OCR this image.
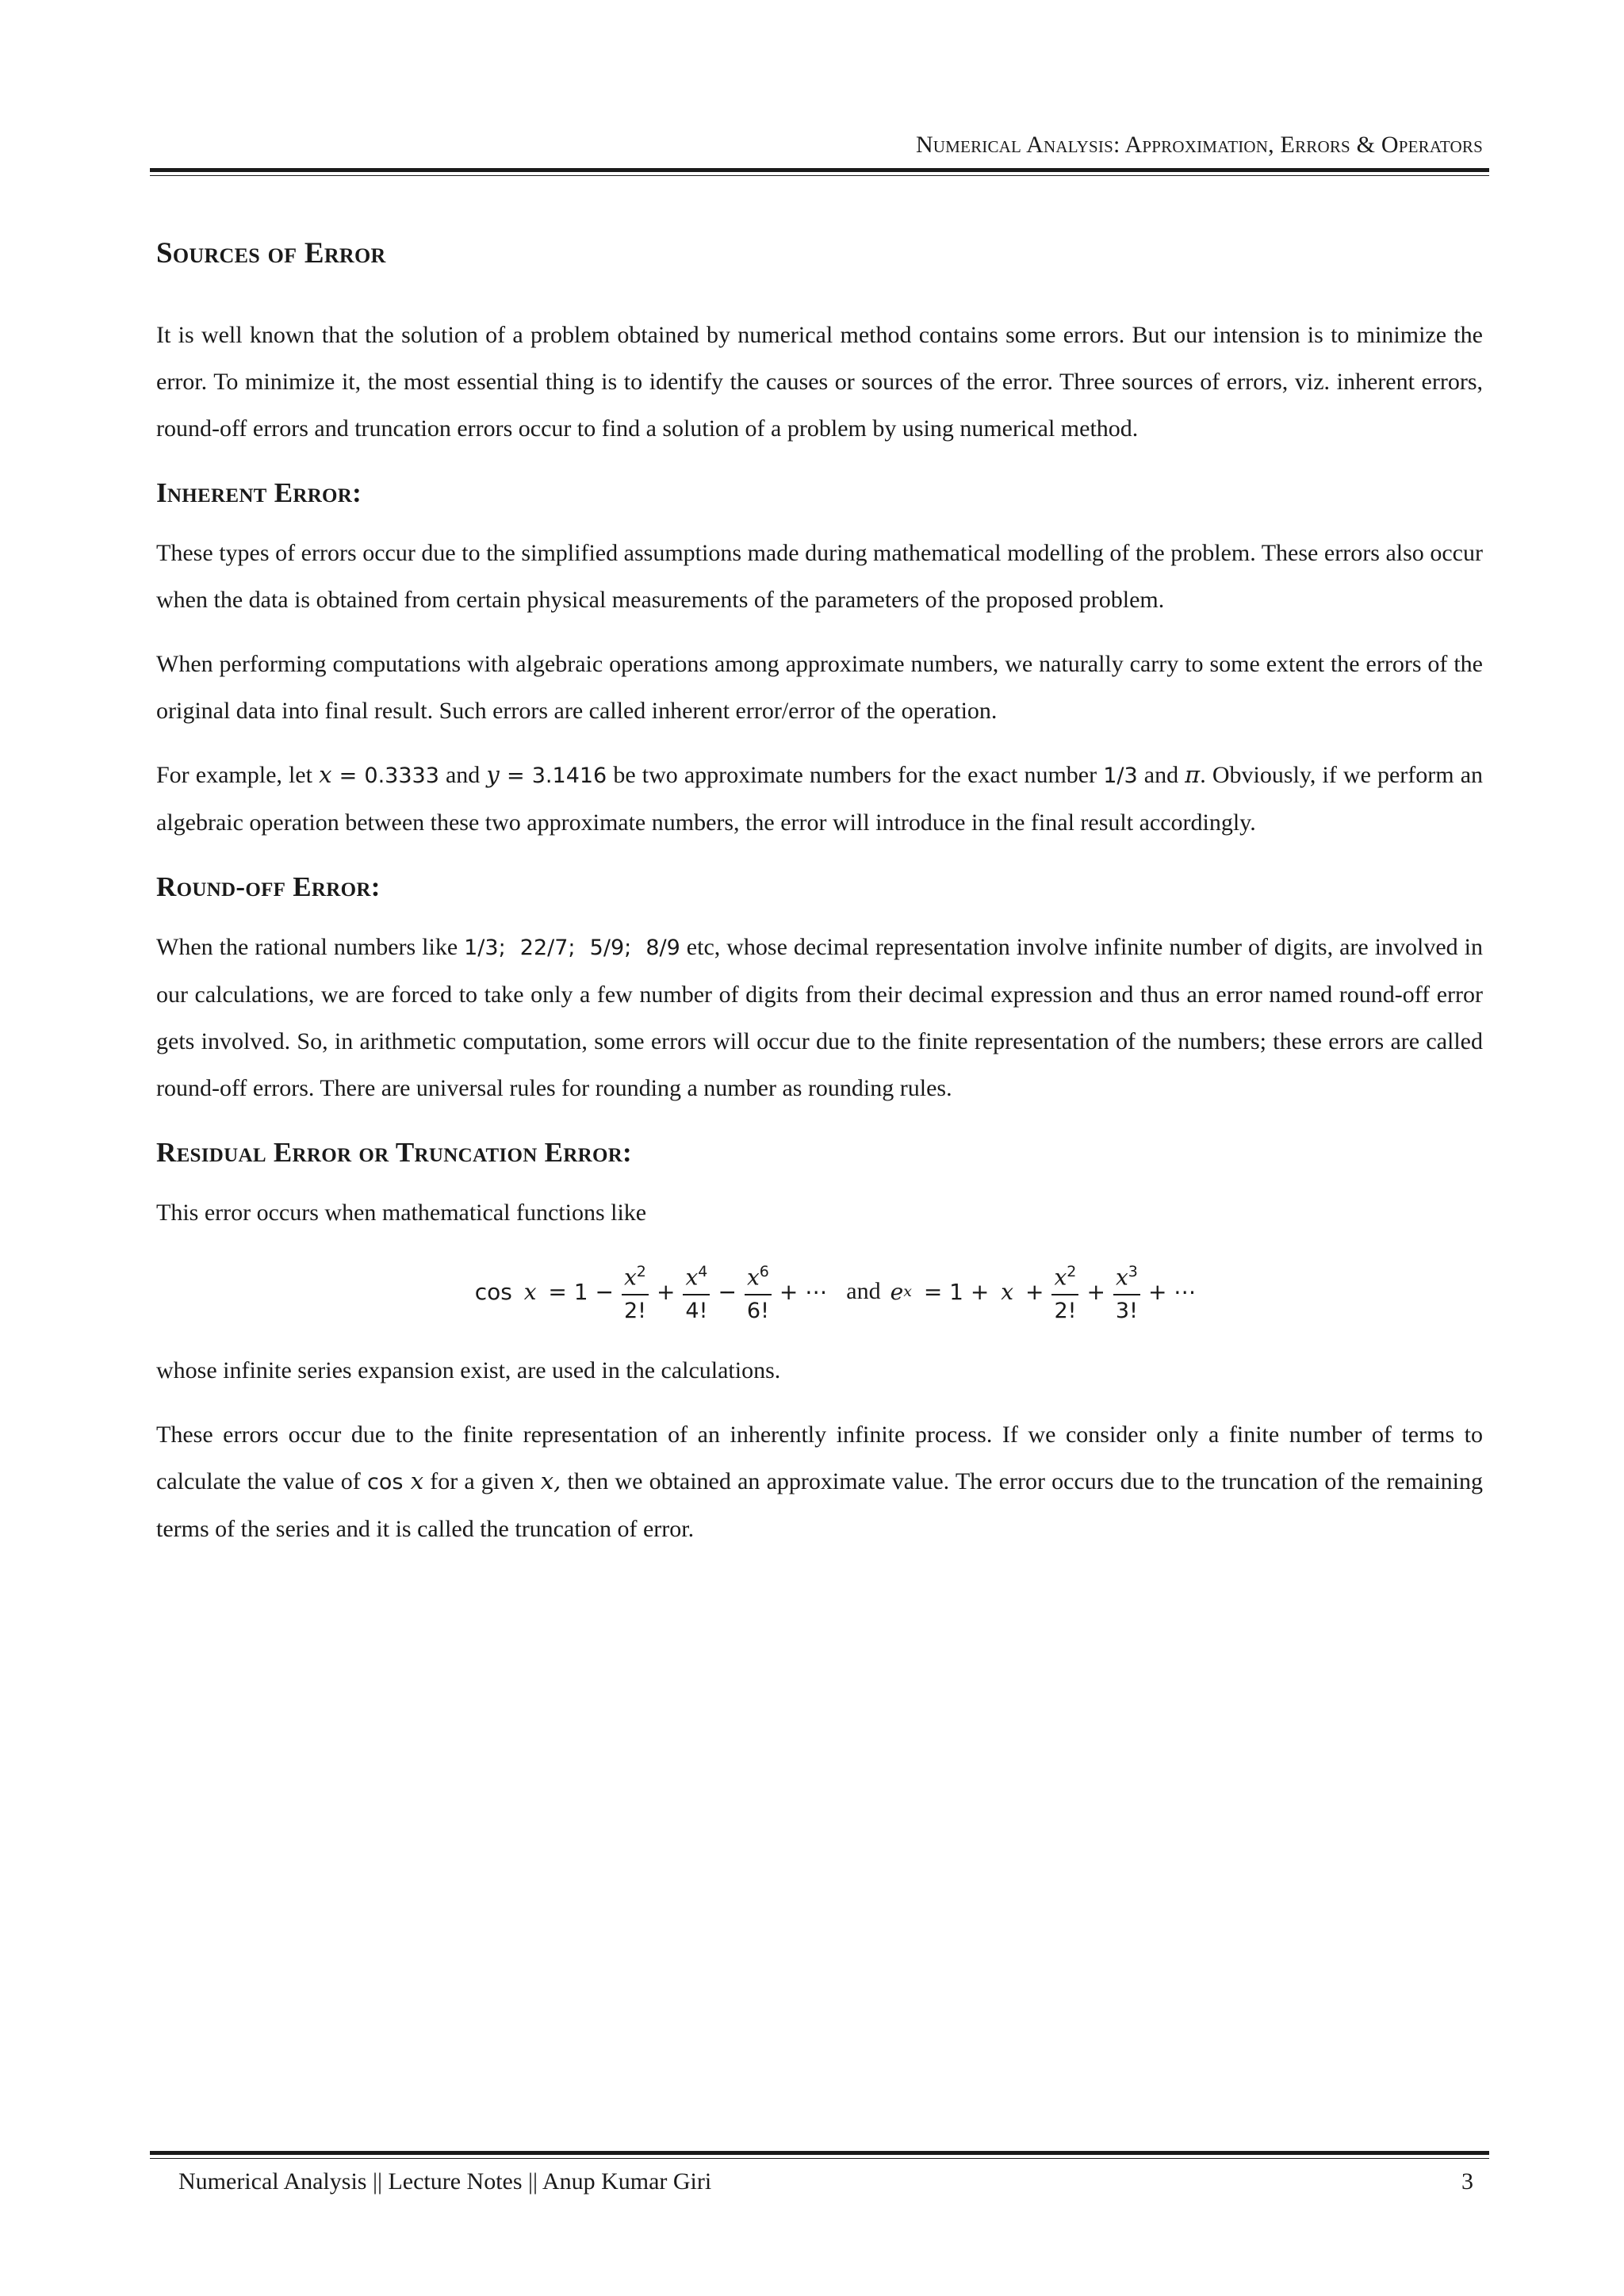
Numerical Analysis: Approximation, Errors & Operators
Sources of Error

It is well known that the solution of a problem obtained by numerical method contains some errors. But our intension is to minimize the error. To minimize it, the most essential thing is to identify the causes or sources of the error. Three sources of errors, viz. inherent errors, round-off errors and truncation errors occur to find a solution of a problem by using numerical method.

Inherent Error:

These types of errors occur due to the simplified assumptions made during mathematical modelling of the problem. These errors also occur when the data is obtained from certain physical measurements of the parameters of the proposed problem.

When performing computations with algebraic operations among approximate numbers, we naturally carry to some extent the errors of the original data into final result. Such errors are called inherent error/error of the operation.

For example, let x = 0.3333 and y = 3.1416 be two approximate numbers for the exact number 1/3 and π. Obviously, if we perform an algebraic operation between these two approximate numbers, the error will introduce in the final result accordingly.

Round-off Error:

When the rational numbers like 1/3;  22/7;  5/9;  8/9 etc, whose decimal representation involve infinite number of digits, are involved in our calculations, we are forced to take only a few number of digits from their decimal expression and thus an error named round-off error gets involved. So, in arithmetic computation, some errors will occur due to the finite representation of the numbers; these errors are called round-off errors. There are universal rules for rounding a number as rounding rules.

Residual Error or Truncation Error:

This error occurs when mathematical functions like

$\cos x = 1 - \frac{x^2}{2!} + \frac{x^4}{4!} - \frac{x^6}{6!}$ + ⋯ and e $x = 1 + x + \frac{x^2}{2!} + \frac{x^3}{3!}$ + ⋯

whose infinite series expansion exist, are used in the calculations.

These errors occur due to the finite representation of an inherently infinite process. If we consider only a finite number of terms to calculate the value of cos x for a given x, then we obtained an approximate value. The error occurs due to the truncation of the remaining terms of the series and it is called the truncation of error.

Numerical Analysis || Lecture Notes || Anup Kumar Giri	3
